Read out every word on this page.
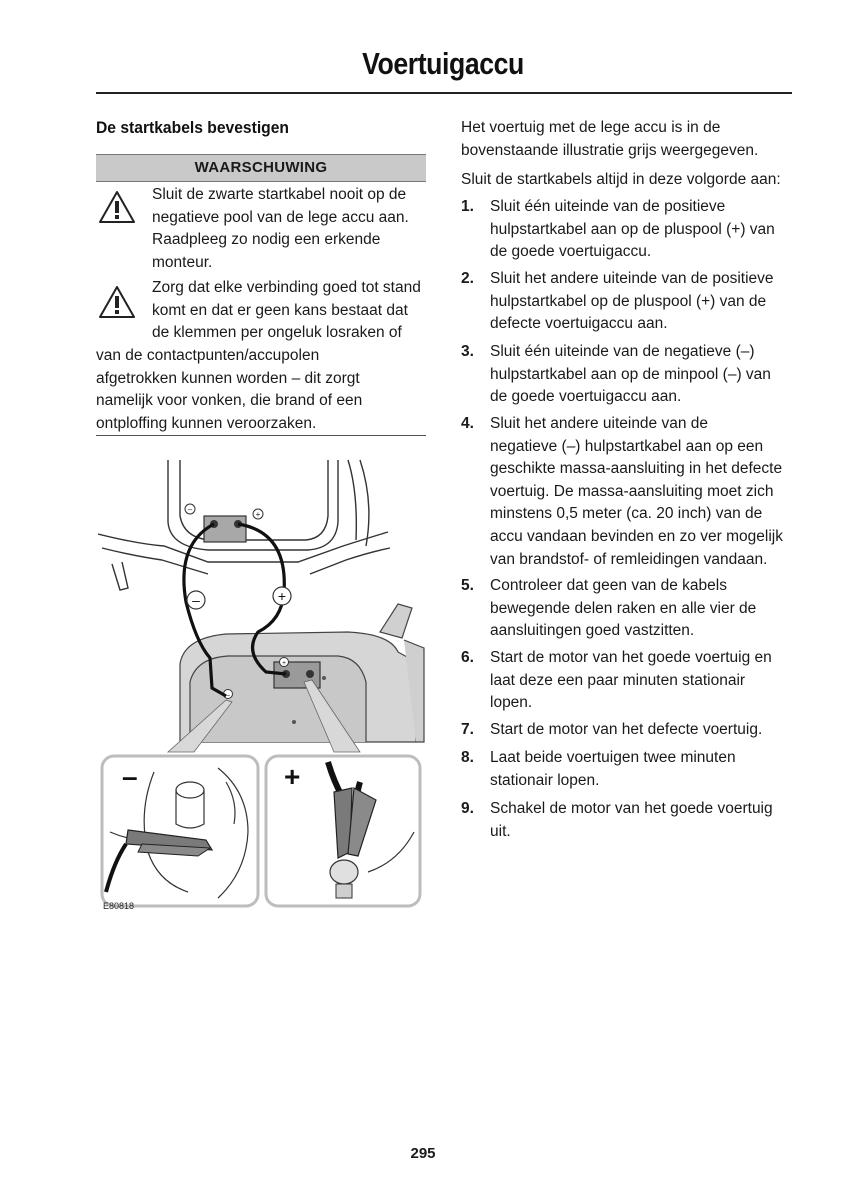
Voertuigaccu
De startkabels bevestigen
WAARSCHUWING
Sluit de zwarte startkabel nooit op de
negatieve pool van de lege accu aan.
Raadpleeg zo nodig een erkende
monteur.
Zorg dat elke verbinding goed tot stand
komt en dat er geen kans bestaat dat
de klemmen per ongeluk losraken of
van de contactpunten/accupolen
afgetrokken kunnen worden – dit zorgt
namelijk voor vonken, die brand of een
ontploffing kunnen veroorzaken.
–
+
+
–
–	+
–	+
E80818
Het voertuig met de lege accu is in de
bovenstaande illustratie grijs weergegeven.
Sluit de startkabels altijd in deze volgorde aan:
1. Sluit één uiteinde van de positieve
hulpstartkabel aan op de pluspool (+) van
de goede voertuigaccu.
2. Sluit het andere uiteinde van de positieve
hulpstartkabel op de pluspool (+) van de
defecte voertuigaccu aan.
3. Sluit één uiteinde van de negatieve (–)
hulpstartkabel aan op de minpool (–) van
de goede voertuigaccu aan.
4. Sluit het andere uiteinde van de
negatieve (–) hulpstartkabel aan op een
geschikte massa-aansluiting in het defecte
voertuig. De massa-aansluiting moet zich
minstens 0,5 meter (ca. 20 inch) van de
accu vandaan bevinden en zo ver mogelijk
van brandstof- of remleidingen vandaan.
5. Controleer dat geen van de kabels
bewegende delen raken en alle vier de
aansluitingen goed vastzitten.
6. Start de motor van het goede voertuig en
laat deze een paar minuten stationair
lopen.
7. Start de motor van het defecte voertuig.
8. Laat beide voertuigen twee minuten
stationair lopen.
9. Schakel de motor van het goede voertuig
uit.
295
